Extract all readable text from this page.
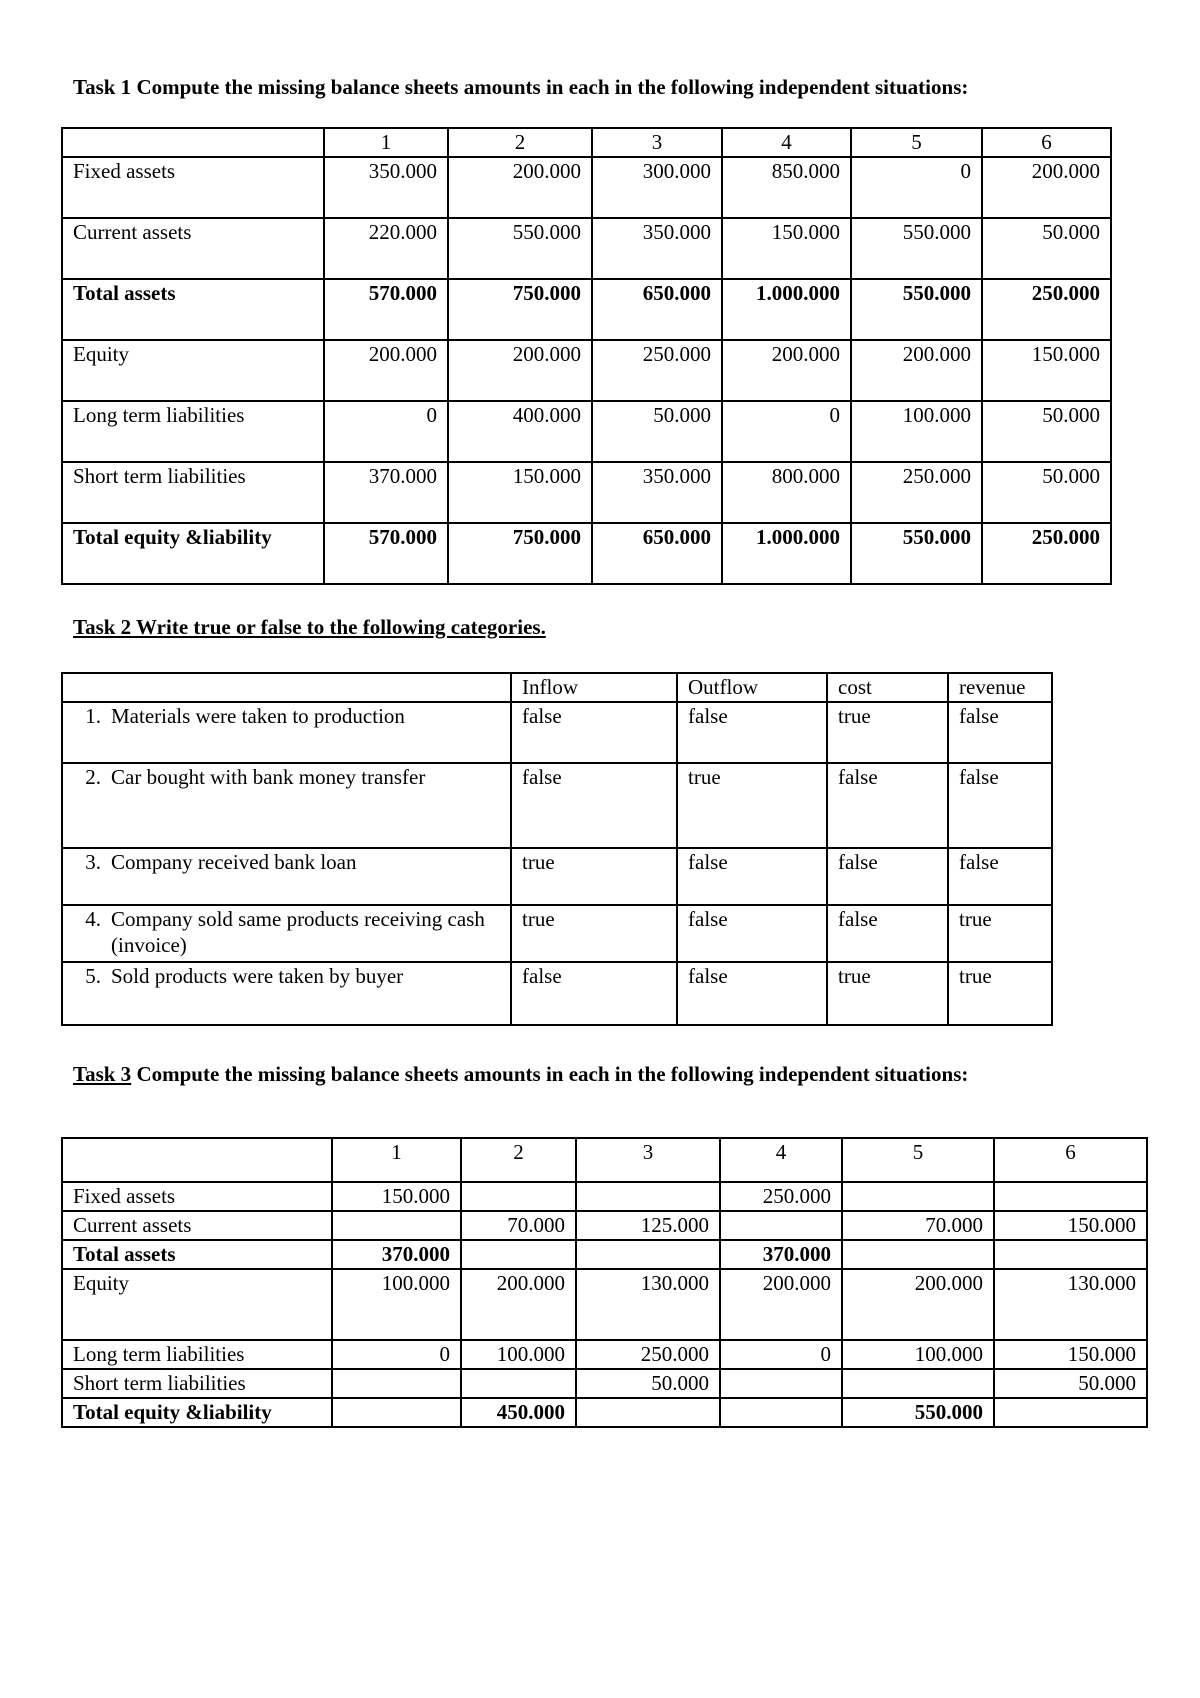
Task 1 Compute the missing balance sheets amounts in each in the following independent situations:
	1	2	3	4	5	6
Fixed assets	350.000	200.000	300.000	850.000	0	200.000
Current assets	220.000	550.000	350.000	150.000	550.000	50.000
Total assets	570.000	750.000	650.000	1.000.000	550.000	250.000
Equity	200.000	200.000	250.000	200.000	200.000	150.000
Long term liabilities	0	400.000	50.000	0	100.000	50.000
Short term liabilities	370.000	150.000	350.000	800.000	250.000	50.000
Total equity &liability	570.000	750.000	650.000	1.000.000	550.000	250.000
Task 2 Write true or false to the following categories.
	Inflow	Outflow	cost	revenue

1. Materials were taken to production	false	false	true	false

2. Car bought with bank money transfer	false	true	false	false

3. Company received bank loan	true	false	false	false

4. Company sold same products receiving cash (invoice)	true	false	false	true

5. Sold products were taken by buyer	false	false	true	true
Task 3 Compute the missing balance sheets amounts in each in the following independent situations:
	1	2	3	4	5	6
Fixed assets	150.000			250.000		
Current assets		70.000	125.000		70.000	150.000
Total assets	370.000			370.000		
Equity	100.000	200.000	130.000	200.000	200.000	130.000
Long term liabilities	0	100.000	250.000	0	100.000	150.000
Short term liabilities			50.000			50.000
Total equity &liability		450.000			550.000	
